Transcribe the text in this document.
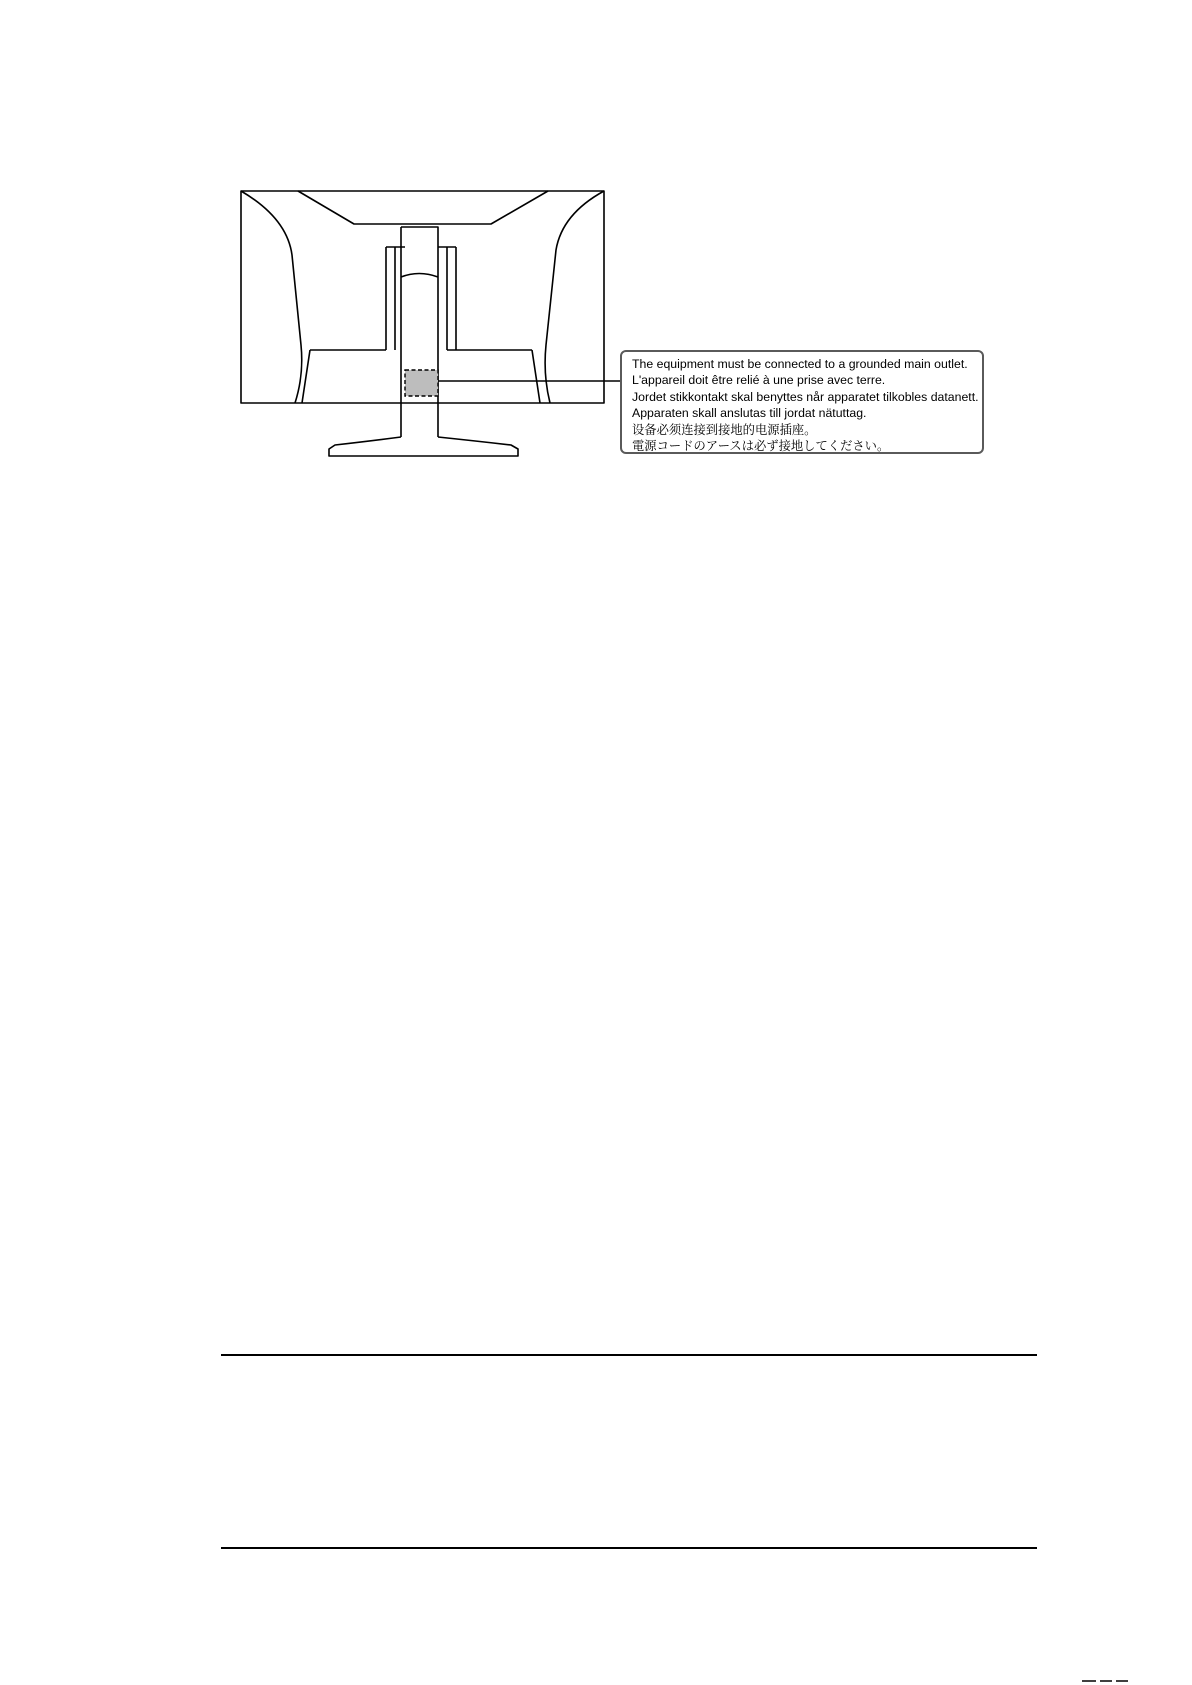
The equipment must be connected to a grounded main outlet.
L'appareil doit être relié à une prise avec terre.
Jordet stikkontakt skal benyttes når apparatet tilkobles datanett.
Apparaten skall anslutas till jordat nätuttag.
设备必须连接到接地的电源插座。
電源コードのアースは必ず接地してください。
